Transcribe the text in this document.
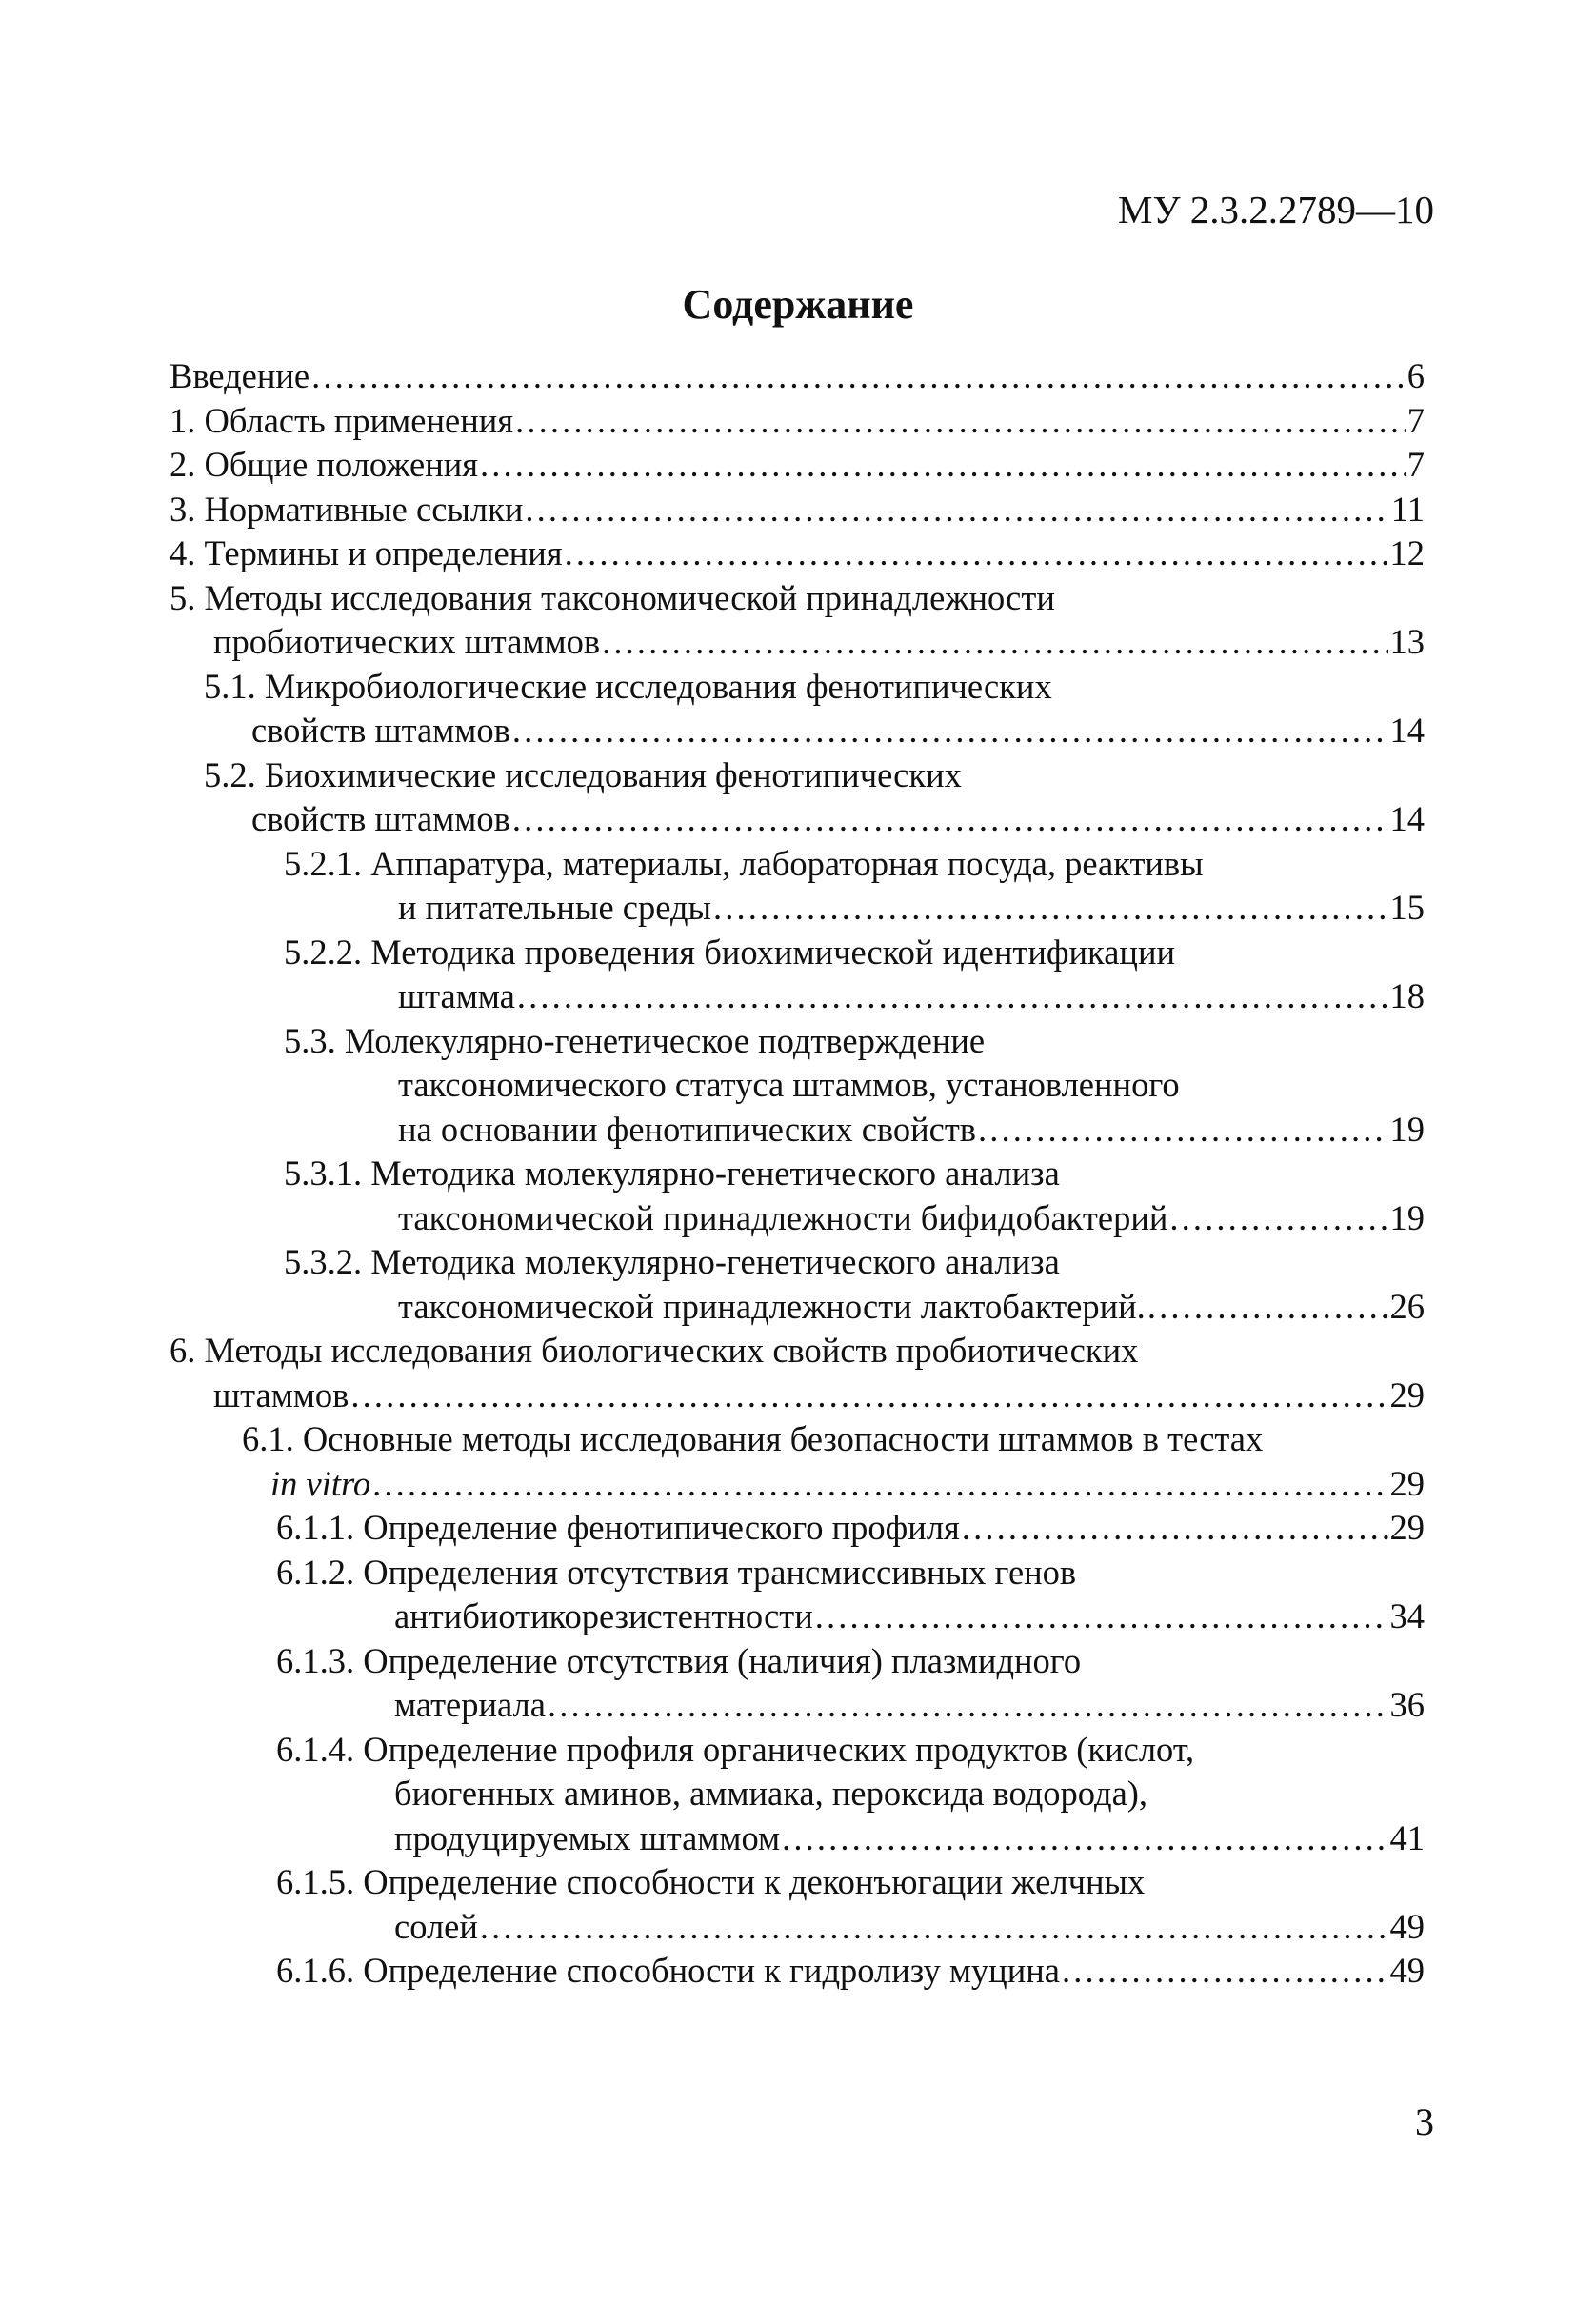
МУ 2.3.2.2789—10
Содержание
Введение . . .	6
1. Область применения . . .	7
2. Общие положения . . .	7
3. Нормативные ссылки . . .	11
4. Термины и определения . . .	12
5. Методы исследования таксономической принадлежности
пробиотических штаммов . . .	13
5.1. Микробиологические исследования фенотипических
свойств штаммов . . .	14
5.2. Биохимические исследования фенотипических
свойств штаммов . . .	14
5.2.1. Аппаратура, материалы, лабораторная посуда, реактивы
и питательные среды . . .	15
5.2.2. Методика проведения биохимической идентификации
штамма . . .	18
5.3. Молекулярно-генетическое подтверждение
таксономического статуса штаммов, установленного
на основании фенотипических свойств . . .	19
5.3.1. Методика молекулярно-генетического анализа
таксономической принадлежности бифидобактерий . . .	19
5.3.2. Методика молекулярно-генетического анализа
таксономической принадлежности лактобактерий. . . .	26
6. Методы исследования биологических свойств пробиотических
штаммов . . .	29
6.1. Основные методы исследования безопасности штаммов в тестах
in vitro . . .	29
6.1.1. Определение фенотипического профиля . . .	29
6.1.2. Определения отсутствия трансмиссивных генов
антибиотикорезистентности . . .	34
6.1.3. Определение отсутствия (наличия) плазмидного
материала . . .	36
6.1.4. Определение профиля органических продуктов (кислот,
биогенных аминов, аммиака, пероксида водорода),
продуцируемых штаммом . . .	41
6.1.5. Определение способности к деконъюгации желчных
солей . . .	49
6.1.6. Определение способности к гидролизу муцина . . .	49
3
